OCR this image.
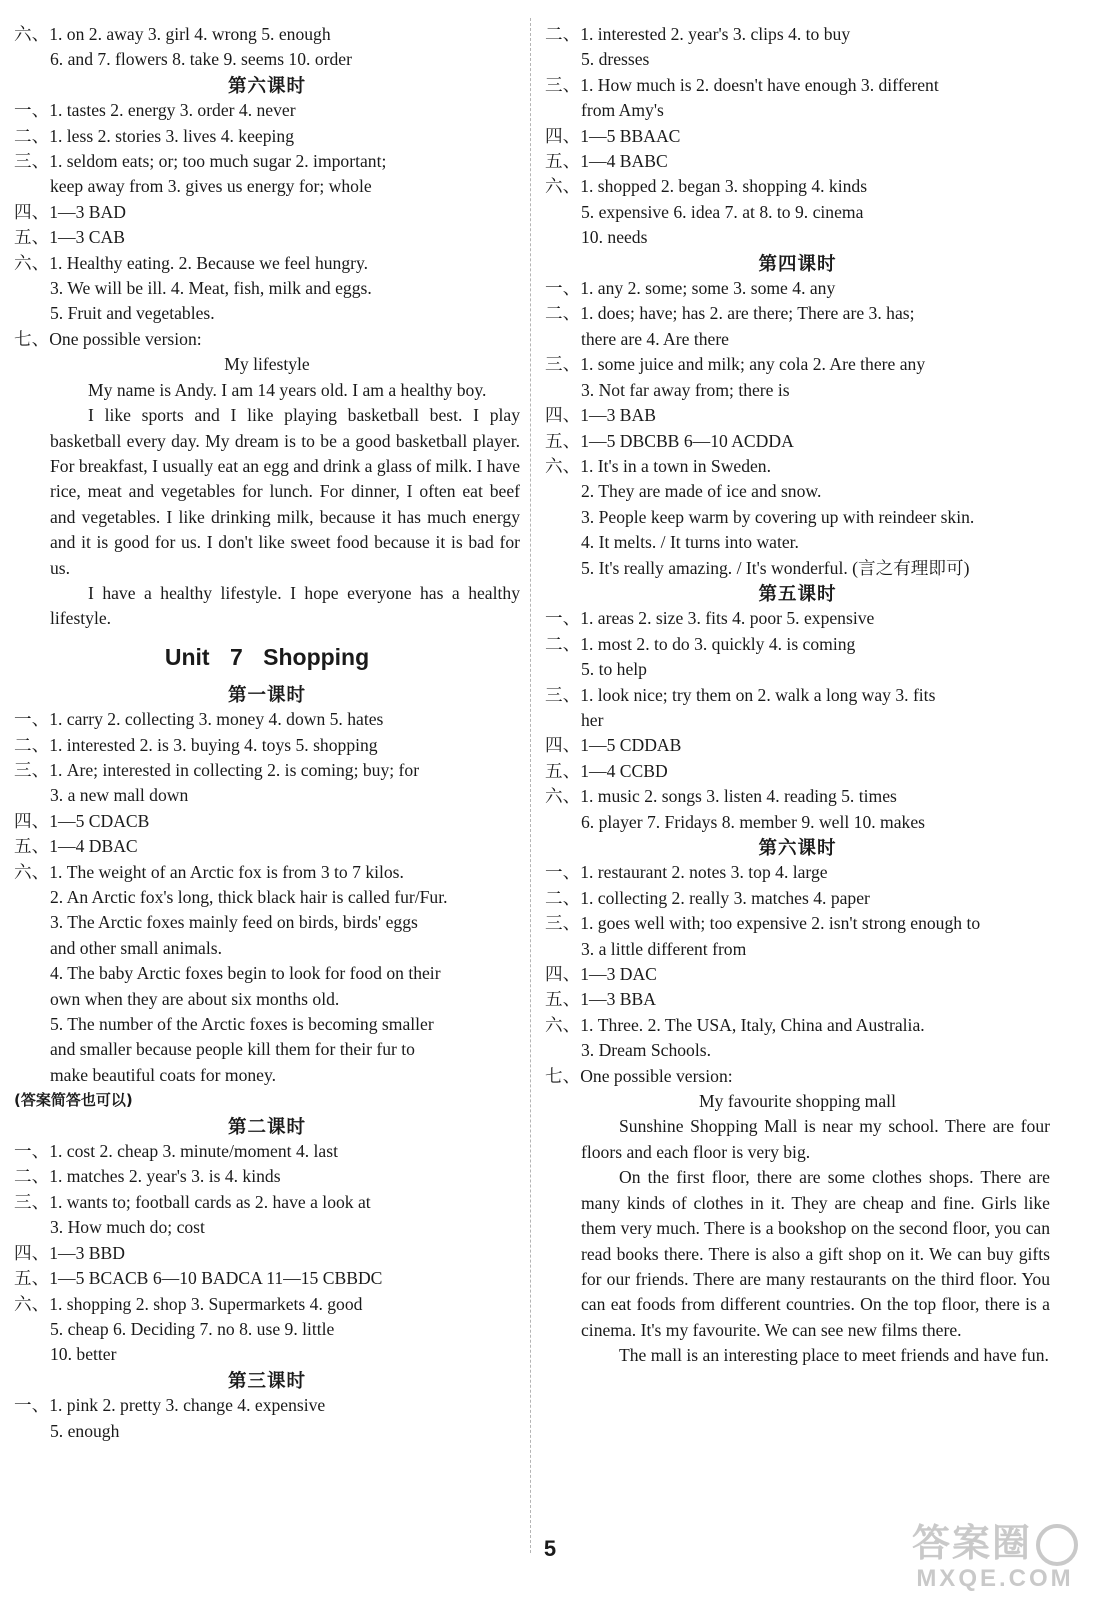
六、1. on 2. away 3. girl 4. wrong 5. enough
6. and 7. flowers 8. take 9. seems 10. order
第六课时
一、1. tastes 2. energy 3. order 4. never
二、1. less 2. stories 3. lives 4. keeping
三、1. seldom eats; or; too much sugar 2. important;
keep away from 3. gives us energy for; whole
四、1—3 BAD
五、1—3 CAB
六、1. Healthy eating. 2. Because we feel hungry.
3. We will be ill. 4. Meat, fish, milk and eggs.
5. Fruit and vegetables.
七、One possible version:
My lifestyle
My name is Andy. I am 14 years old. I am a healthy boy.
I like sports and I like playing basketball best. I play basketball every day. My dream is to be a good basketball player. For breakfast, I usually eat an egg and drink a glass of milk. I have rice, meat and vegetables for lunch. For dinner, I often eat beef and vegetables. I like drinking milk, because it has much energy and it is good for us. I don't like sweet food because it is bad for us.
I have a healthy lifestyle. I hope everyone has a healthy lifestyle.
Unit 7 Shopping
第一课时
一、1. carry 2. collecting 3. money 4. down 5. hates
二、1. interested 2. is 3. buying 4. toys 5. shopping
三、1. Are; interested in collecting 2. is coming; buy; for
3. a new mall down
四、1—5 CDACB
五、1—4 DBAC
六、1. The weight of an Arctic fox is from 3 to 7 kilos.
2. An Arctic fox's long, thick black hair is called fur/Fur.
3. The Arctic foxes mainly feed on birds, birds' eggs
and other small animals.
4. The baby Arctic foxes begin to look for food on their
own when they are about six months old.
5. The number of the Arctic foxes is becoming smaller
and smaller because people kill them for their fur to
make beautiful coats for money.
(答案简答也可以)
第二课时
一、1. cost 2. cheap 3. minute/moment 4. last
二、1. matches 2. year's 3. is 4. kinds
三、1. wants to; football cards as 2. have a look at
3. How much do; cost
四、1—3 BBD
五、1—5 BCACB 6—10 BADCA 11—15 CBBDC
六、1. shopping 2. shop 3. Supermarkets 4. good
5. cheap 6. Deciding 7. no 8. use 9. little
10. better
第三课时
一、1. pink 2. pretty 3. change 4. expensive
5. enough
二、1. interested 2. year's 3. clips 4. to buy
5. dresses
三、1. How much is 2. doesn't have enough 3. different
from Amy's
四、1—5 BBAAC
五、1—4 BABC
六、1. shopped 2. began 3. shopping 4. kinds
5. expensive 6. idea 7. at 8. to 9. cinema
10. needs
第四课时
一、1. any 2. some; some 3. some 4. any
二、1. does; have; has 2. are there; There are 3. has;
there are 4. Are there
三、1. some juice and milk; any cola 2. Are there any
3. Not far away from; there is
四、1—3 BAB
五、1—5 DBCBB 6—10 ACDDA
六、1. It's in a town in Sweden.
2. They are made of ice and snow.
3. People keep warm by covering up with reindeer skin.
4. It melts. / It turns into water.
5. It's really amazing. / It's wonderful. (言之有理即可)
第五课时
一、1. areas 2. size 3. fits 4. poor 5. expensive
二、1. most 2. to do 3. quickly 4. is coming
5. to help
三、1. look nice; try them on 2. walk a long way 3. fits
her
四、1—5 CDDAB
五、1—4 CCBD
六、1. music 2. songs 3. listen 4. reading 5. times
6. player 7. Fridays 8. member 9. well 10. makes
第六课时
一、1. restaurant 2. notes 3. top 4. large
二、1. collecting 2. really 3. matches 4. paper
三、1. goes well with; too expensive 2. isn't strong enough to
3. a little different from
四、1—3 DAC
五、1—3 BBA
六、1. Three. 2. The USA, Italy, China and Australia.
3. Dream Schools.
七、One possible version:
My favourite shopping mall
Sunshine Shopping Mall is near my school. There are four floors and each floor is very big.
On the first floor, there are some clothes shops. There are many kinds of clothes in it. They are cheap and fine. Girls like them very much. There is a bookshop on the second floor, you can read books there. There is also a gift shop on it. We can buy gifts for our friends. There are many restaurants on the third floor. You can eat foods from different countries. On the top floor, there is a cinema. It's my favourite. We can see new films there.
The mall is an interesting place to meet friends and have fun.
5	答案圈
MXQE.COM
